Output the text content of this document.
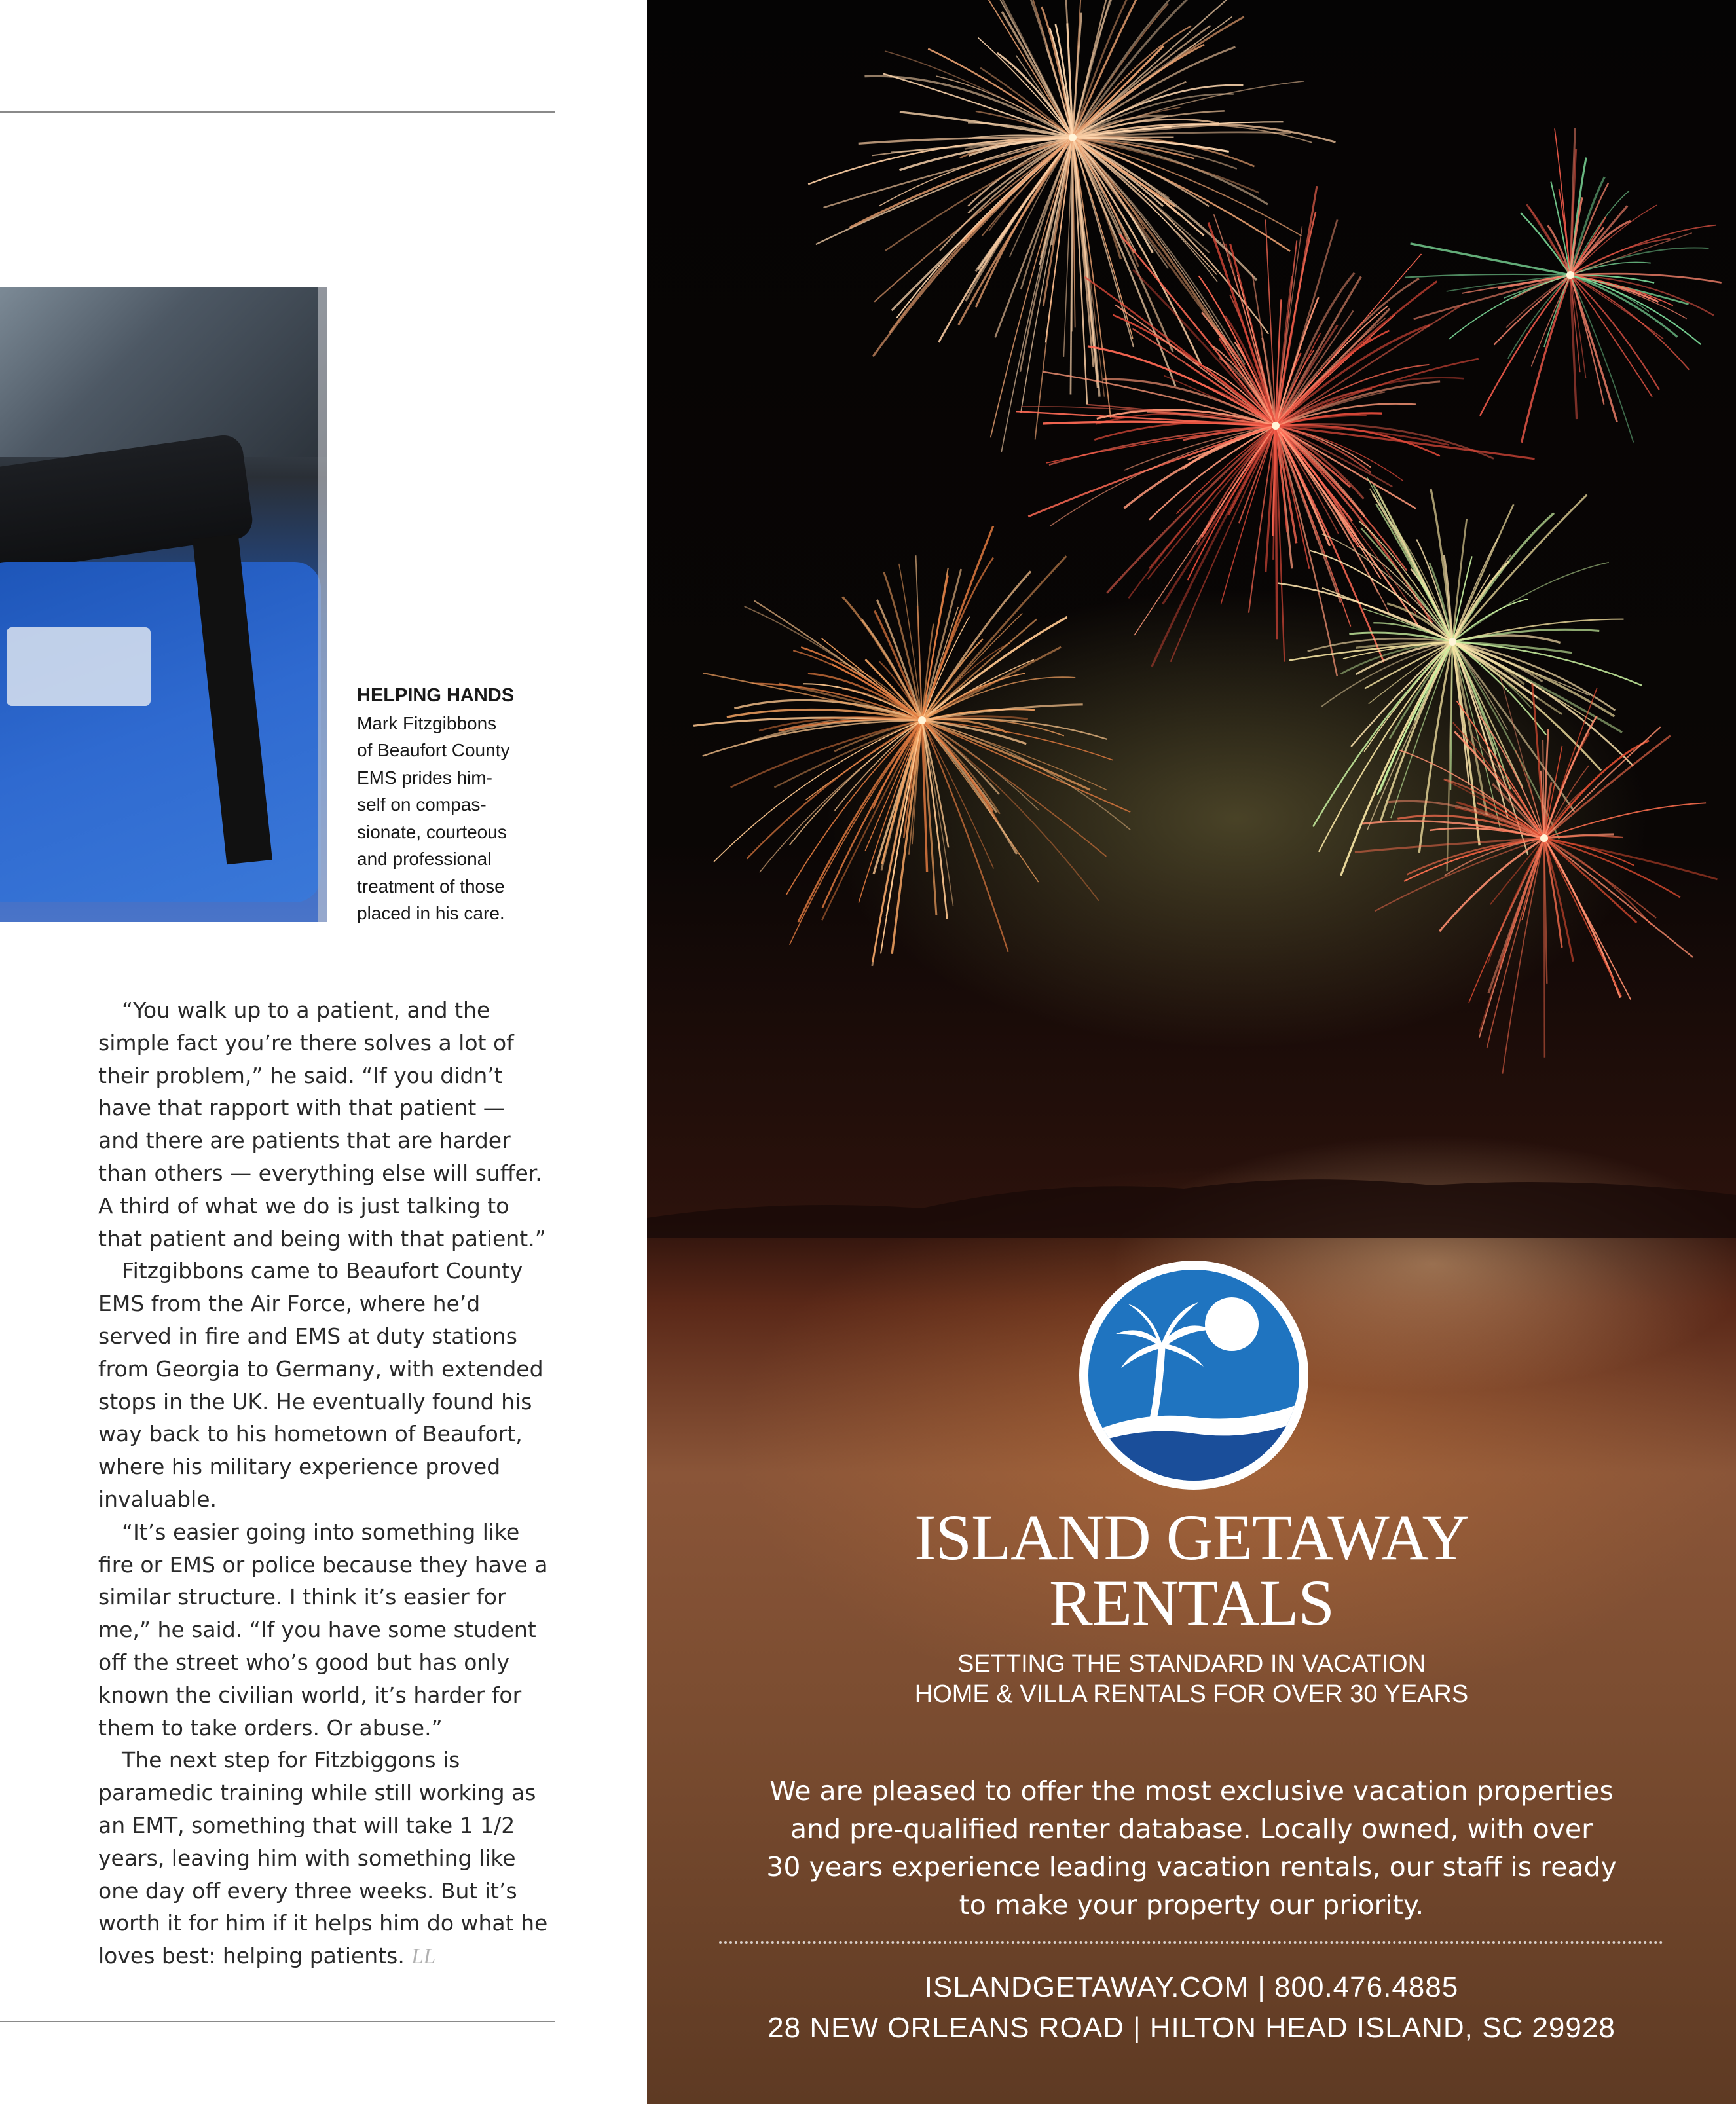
HELPING HANDS
Mark Fitzgibbons
of Beaufort County
EMS prides him-
self on compas-
sionate, courteous
and professional
treatment of those
placed in his care.

“You walk up to a patient, and the simple fact you’re there solves a lot of their problem,” he said. “If you didn’t have that rapport with that patient — and there are patients that are harder than others — everything else will suffer. A third of what we do is just talking to that patient and being with that patient.”

Fitzgibbons came to Beaufort County EMS from the Air Force, where he’d served in fire and EMS at duty stations from Georgia to Germany, with extended stops in the UK. He eventually found his way back to his hometown of Beaufort, where his military experience proved invaluable.

“It’s easier going into something like fire or EMS or police because they have a similar structure. I think it’s easier for me,” he said. “If you have some student off the street who’s good but has only known the civilian world, it’s harder for them to take orders. Or abuse.”

The next step for Fitzbiggons is paramedic training while still working as an EMT, something that will take 1 1/2 years, leaving him with something like one day off every three weeks. But it’s worth it for him if it helps him do what he loves best: helping patients. LL

ISLAND GETAWAY
RENTALS
SETTING THE STANDARD IN VACATION
HOME & VILLA RENTALS FOR OVER 30 YEARS
We are pleased to offer the most exclusive vacation properties
and pre-qualified renter database. Locally owned, with over
30 years experience leading vacation rentals, our staff is ready
to make your property our priority.
ISLANDGETAWAY.COM | 800.476.4885
28 NEW ORLEANS ROAD | HILTON HEAD ISLAND, SC 29928
